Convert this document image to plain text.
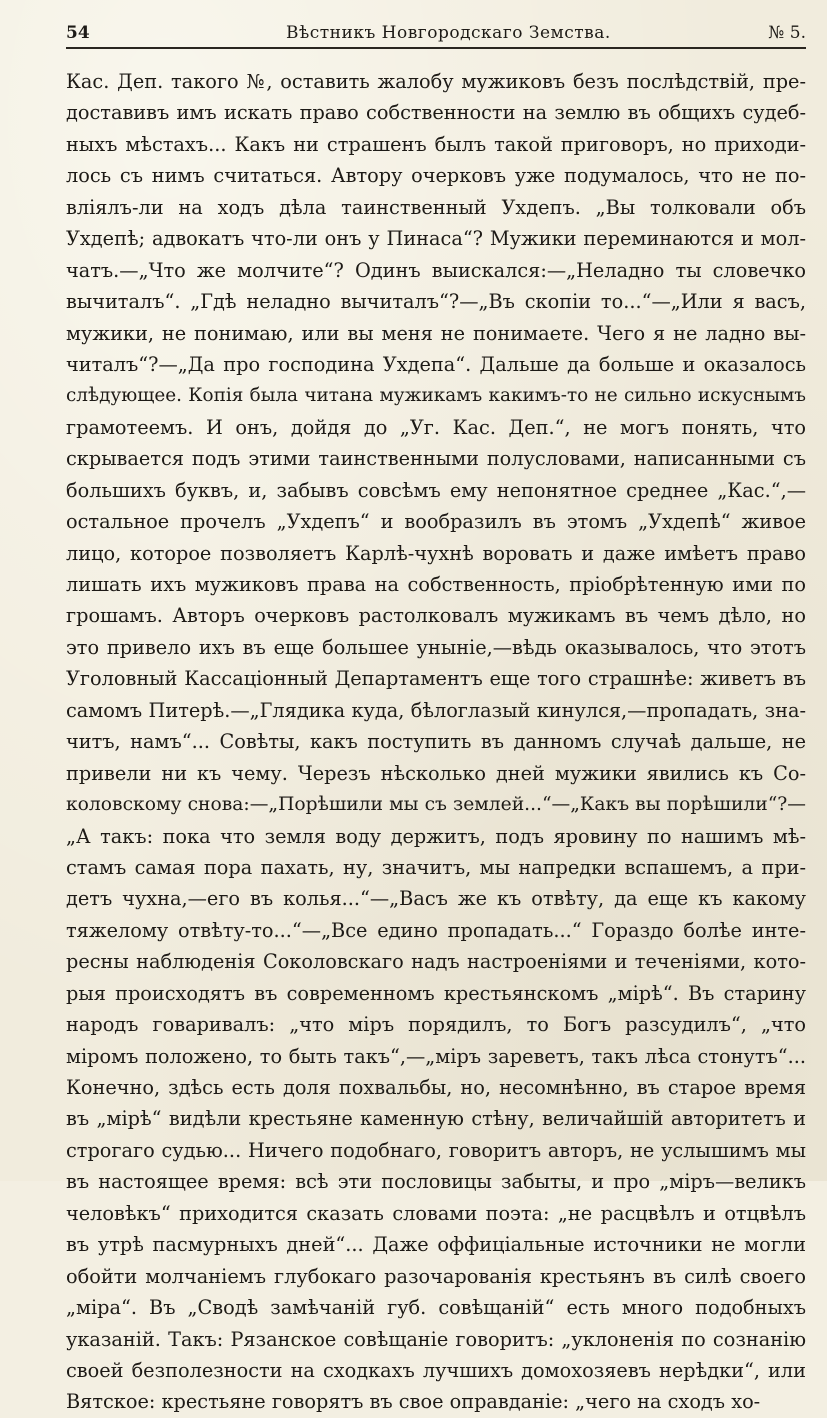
54	Вѣстникъ Новгородскаго Земства.	№ 5.
Кас. Деп. такого №, оставить жалобу мужиковъ безъ послѣдствій, пре-
доставивъ имъ искать право собственности на землю въ общихъ судеб-
ныхъ мѣстахъ... Какъ ни страшенъ былъ такой приговоръ, но приходи-
лось съ нимъ считаться. Автору очерковъ уже подумалось, что не по-
вліялъ-ли на ходъ дѣла таинственный Ухдепъ. „Вы толковали объ
Ухдепѣ; адвокатъ что-ли онъ у Пинаса“? Мужики переминаются и мол-
чатъ.—„Что же молчите“? Одинъ выискался:—„Неладно ты словечко
вычиталъ“. „Гдѣ неладно вычиталъ“?—„Въ скопіи то...“—„Или я васъ,
мужики, не понимаю, или вы меня не понимаете. Чего я не ладно вы-
читалъ“?—„Да про господина Ухдепа“. Дальше да больше и оказалось
слѣдующее. Копія была читана мужикамъ какимъ-то не сильно искуснымъ
грамотеемъ. И онъ, дойдя до „Уг. Кас. Деп.“, не могъ понять, что
скрывается подъ этими таинственными полусловами, написанными съ
большихъ буквъ, и, забывъ совсѣмъ ему непонятное среднее „Кас.“,—
остальное прочелъ „Ухдепъ“ и вообразилъ въ этомъ „Ухдепѣ“ живое
лицо, которое позволяетъ Карлѣ-чухнѣ воровать и даже имѣетъ право
лишать ихъ мужиковъ права на собственность, пріобрѣтенную ими по
грошамъ. Авторъ очерковъ растолковалъ мужикамъ въ чемъ дѣло, но
это привело ихъ въ еще большее уныніе,—вѣдь оказывалось, что этотъ
Уголовный Кассаціонный Департаментъ еще того страшнѣе: живетъ въ
самомъ Питерѣ.—„Глядика куда, бѣлоглазый кинулся,—пропадать, зна-
читъ, намъ“... Совѣты, какъ поступить въ данномъ случаѣ дальше, не
привели ни къ чему. Черезъ нѣсколько дней мужики явились къ Со-
коловскому снова:—„Порѣшили мы съ землей...“—„Какъ вы порѣшили“?—
„А такъ: пока что земля воду держитъ, подъ яровину по нашимъ мѣ-
стамъ самая пора пахать, ну, значитъ, мы напредки вспашемъ, а при-
детъ чухна,—его въ колья...“—„Васъ же къ отвѣту, да еще къ какому
тяжелому отвѣту-то...“—„Все едино пропадать...“ Гораздо болѣе инте-
ресны наблюденія Соколовскаго надъ настроеніями и теченіями, кото-
рыя происходятъ въ современномъ крестьянскомъ „мірѣ“. Въ старину
народъ говаривалъ: „что міръ порядилъ, то Богъ разсудилъ“, „что
міромъ положено, то быть такъ“,—„міръ зареветъ, такъ лѣса стонутъ“...
Конечно, здѣсь есть доля похвальбы, но, несомнѣнно, въ старое время
въ „мірѣ“ видѣли крестьяне каменную стѣну, величайшій авторитетъ и
строгаго судью... Ничего подобнаго, говоритъ авторъ, не услышимъ мы
въ настоящее время: всѣ эти пословицы забыты, и про „міръ—великъ
человѣкъ“ приходится сказать словами поэта: „не расцвѣлъ и отцвѣлъ
въ утрѣ пасмурныхъ дней“... Даже оффиціальные источники не могли
обойти молчаніемъ глубокаго разочарованія крестьянъ въ силѣ своего
„міра“. Въ „Сводѣ замѣчаній губ. совѣщаній“ есть много подобныхъ
указаній. Такъ: Рязанское совѣщаніе говоритъ: „уклоненія по сознанію
своей безполезности на сходкахъ лучшихъ домохозяевъ нерѣдки“, или
Вятское: крестьяне говорятъ въ свое оправданіе: „чего на сходъ хо-
